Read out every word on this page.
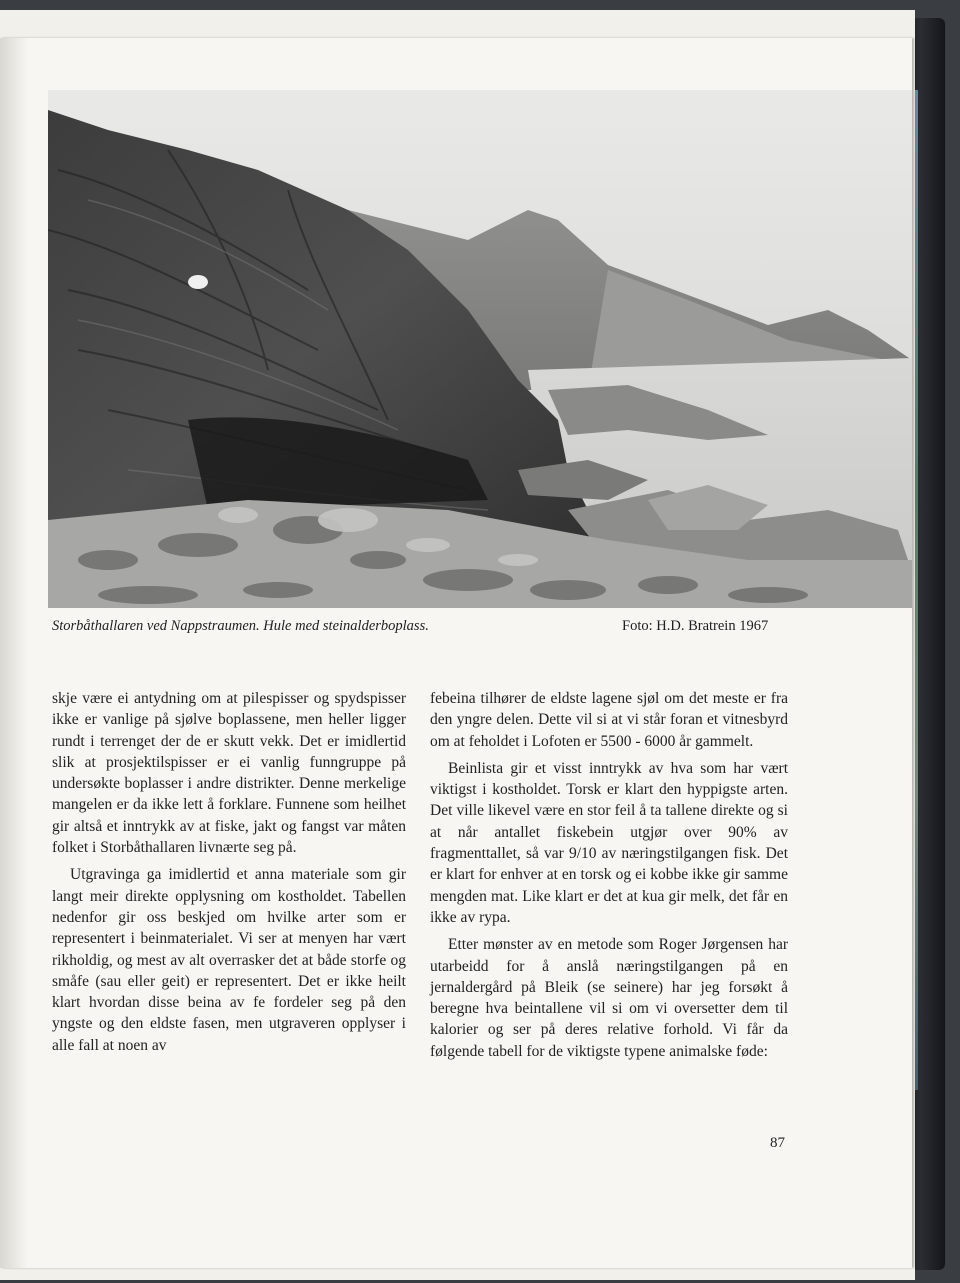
Storbåthallaren ved Nappstraumen. Hule med steinalderboplass.	Foto: H.D. Bratrein 1967

skje være ei antydning om at pilespisser og spydspisser ikke er vanlige på sjølve boplassene, men heller ligger rundt i terrenget der de er skutt vekk. Det er imidlertid slik at prosjektilspisser er ei vanlig funngruppe på undersøkte boplasser i andre distrikter. Denne merkelige mangelen er da ikke lett å forklare. Funnene som heilhet gir altså et inntrykk av at fiske, jakt og fangst var måten folket i Storbåthallaren livnærte seg på.

Utgravinga ga imidlertid et anna materiale som gir langt meir direkte opplysning om kostholdet. Tabellen nedenfor gir oss beskjed om hvilke arter som er representert i beinmaterialet. Vi ser at menyen har vært rikholdig, og mest av alt overrasker det at både storfe og småfe (sau eller geit) er representert. Det er ikke heilt klart hvordan disse beina av fe fordeler seg på den yngste og den eldste fasen, men utgraveren opplyser i alle fall at noen av

febeina tilhører de eldste lagene sjøl om det meste er fra den yngre delen. Dette vil si at vi står foran et vitnesbyrd om at feholdet i Lofoten er 5500 - 6000 år gammelt.

Beinlista gir et visst inntrykk av hva som har vært viktigst i kostholdet. Torsk er klart den hyppigste arten. Det ville likevel være en stor feil å ta tallene direkte og si at når antallet fiskebein utgjør over 90% av fragmenttallet, så var 9/10 av næringstilgangen fisk. Det er klart for enhver at en torsk og ei kobbe ikke gir samme mengden mat. Like klart er det at kua gir melk, det får en ikke av rypa.

Etter mønster av en metode som Roger Jørgensen har utarbeidd for å anslå næringstilgangen på en jernaldergård på Bleik (se seinere) har jeg forsøkt å beregne hva beintallene vil si om vi oversetter dem til kalorier og ser på deres relative forhold. Vi får da følgende tabell for de viktigste typene animalske føde:

87
